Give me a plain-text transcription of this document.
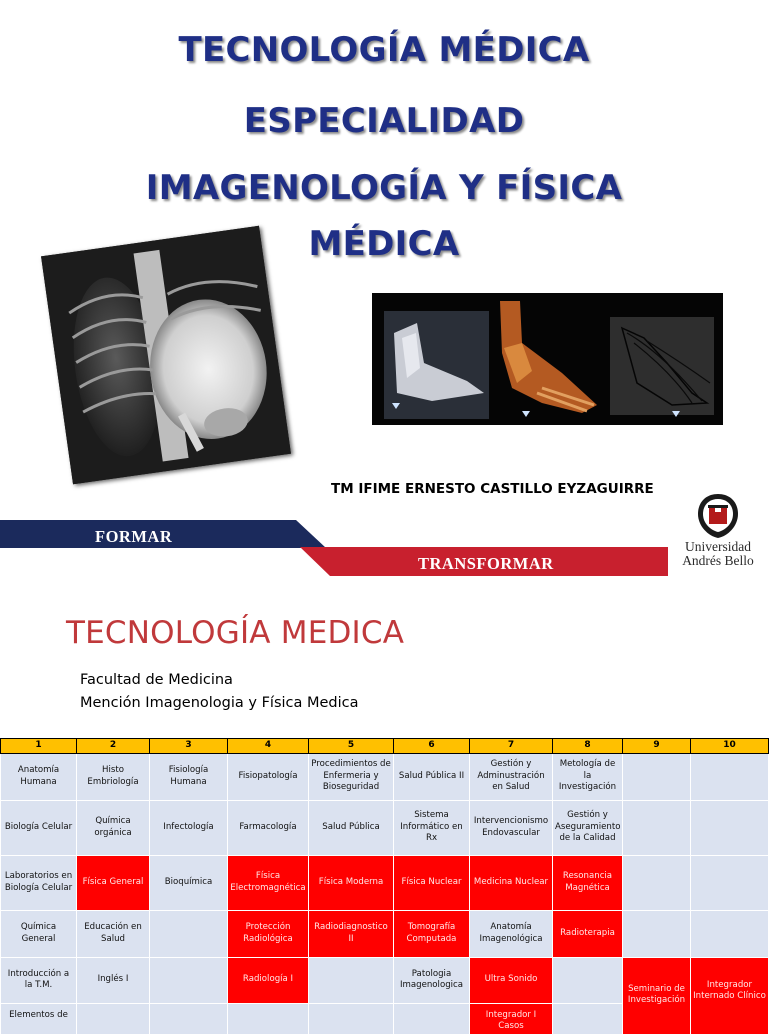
TECNOLOGÍA MÉDICA
ESPECIALIDAD
IMAGENOLOGÍA Y FÍSICA
MÉDICA
TM IFIME ERNESTO CASTILLO EYZAGUIRRE
FORMAR
TRANSFORMAR
Universidad
Andrés Bello
TECNOLOGÍA MEDICA
Facultad de Medicina
Mención Imagenologia y Física Medica
1	2	3	4	5	6	7	8	9	10
Anatomía Humana	Histo Embriología	Fisiología Humana	Fisiopatología	Procedimientos de Enfermeria y Bioseguridad	Salud Pública II	Gestión y Adminustración en Salud	Metología de la Investigación		
Biología Celular	Química orgánica	Infectología	Farmacología	Salud Pública	Sistema Informático en Rx	Intervencionismo Endovascular	Gestión y Aseguramiento de la Calidad		
Laboratorios en Biología Celular	Física General	Bioquímica	Física Electromagnética	Física Moderna	Física Nuclear	Medicina Nuclear	Resonancia Magnética		
Química General	Educación en Salud		Protección Radiológica	Radiodiagnostico II	Tomografía Computada	Anatomía Imagenológica	Radioterapia		
Introducción a la T.M.	Inglés I		Radiología I		Patologia Imagenologica	Ultra Sonido		Seminario de Investigación	Integrador Internado Clínico
Elementos de						Integrador I Casos			
